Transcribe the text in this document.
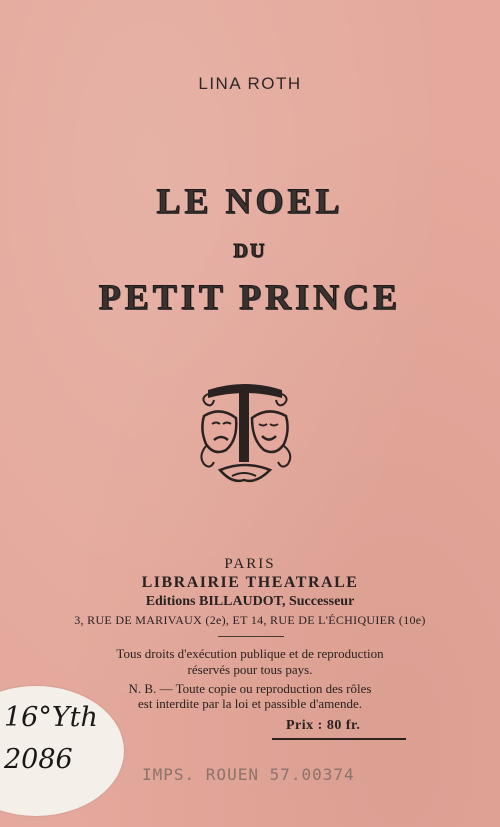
LINA ROTH
LE NOEL
DU
PETIT PRINCE
PARIS
LIBRAIRIE THEATRALE
Editions BILLAUDOT, Successeur
3, RUE DE MARIVAUX (2e), ET 14, RUE DE L'ÉCHIQUIER (10e)
Tous droits d'exécution publique et de reproduction
réservés pour tous pays.
N. B. — Toute copie ou reproduction des rôles
est interdite par la loi et passible d'amende.
Prix : 80 fr.
16°Yth
2086	IMPS. ROUEN 57.00374
